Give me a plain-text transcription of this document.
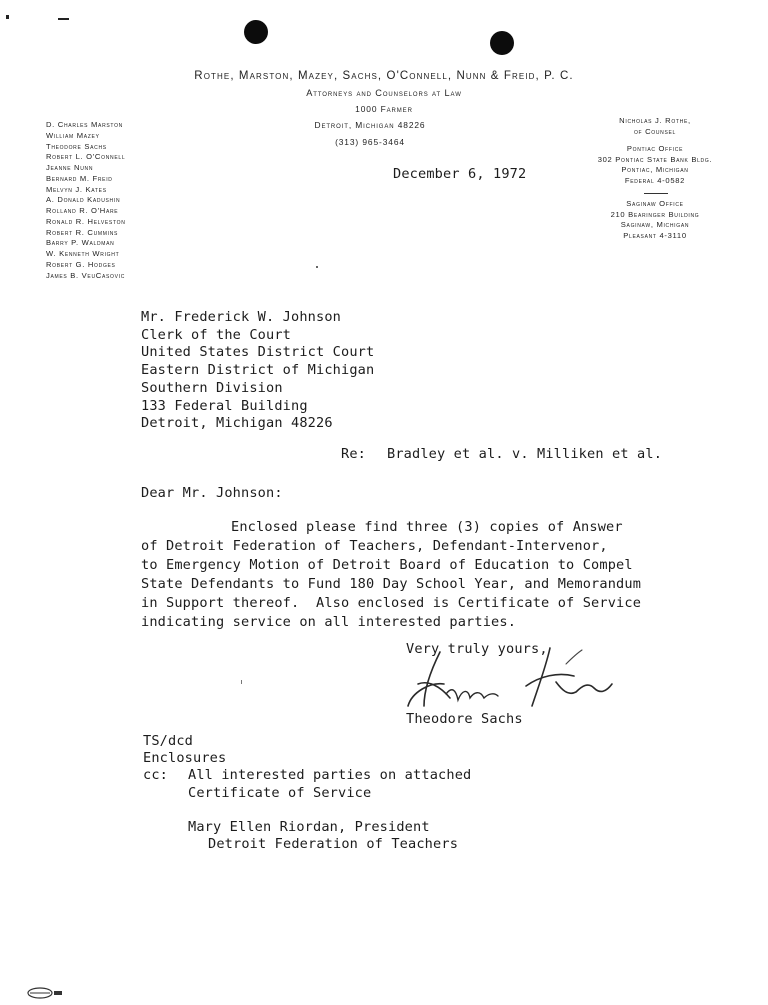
Rothe, Marston, Mazey, Sachs, O'Connell, Nunn & Freid, P. C.
Attorneys and Counselors at Law
1000 Farmer
Detroit, Michigan 48226
(313) 965-3464
D. Charles Marston
William Mazey
Theodore Sachs
Robert L. O'Connell
Jeanne Nunn
Bernard M. Freid
Melvyn J. Kates
A. Donald Kadushin
Rolland R. O'Hare
Ronald R. Helveston
Robert R. Cummins
Barry P. Waldman
W. Kenneth Wright
Robert G. Hodges
James B. VeuCasovic
Nicholas J. Rothe,
of Counsel
Pontiac Office
302 Pontiac State Bank Bldg.
Pontiac, Michigan
Federal 4-0582
Saginaw Office
210 Bearinger Building
Saginaw, Michigan
Pleasant 4-3110
December 6, 1972
Mr. Frederick W. Johnson
Clerk of the Court
United States District Court
Eastern District of Michigan
Southern Division
133 Federal Building
Detroit, Michigan 48226
Re: Bradley et al. v. Milliken et al.
Dear Mr. Johnson:
Enclosed please find three (3) copies of Answer
of Detroit Federation of Teachers, Defendant-Intervenor,
to Emergency Motion of Detroit Board of Education to Compel
State Defendants to Fund 180 Day School Year, and Memorandum
in Support thereof.  Also enclosed is Certificate of Service
indicating service on all interested parties.
Very truly yours,
Theodore Sachs
TS/dcd
Enclosures
cc: All interested parties on attached
Certificate of Service
Mary Ellen Riordan, President
Detroit Federation of Teachers
